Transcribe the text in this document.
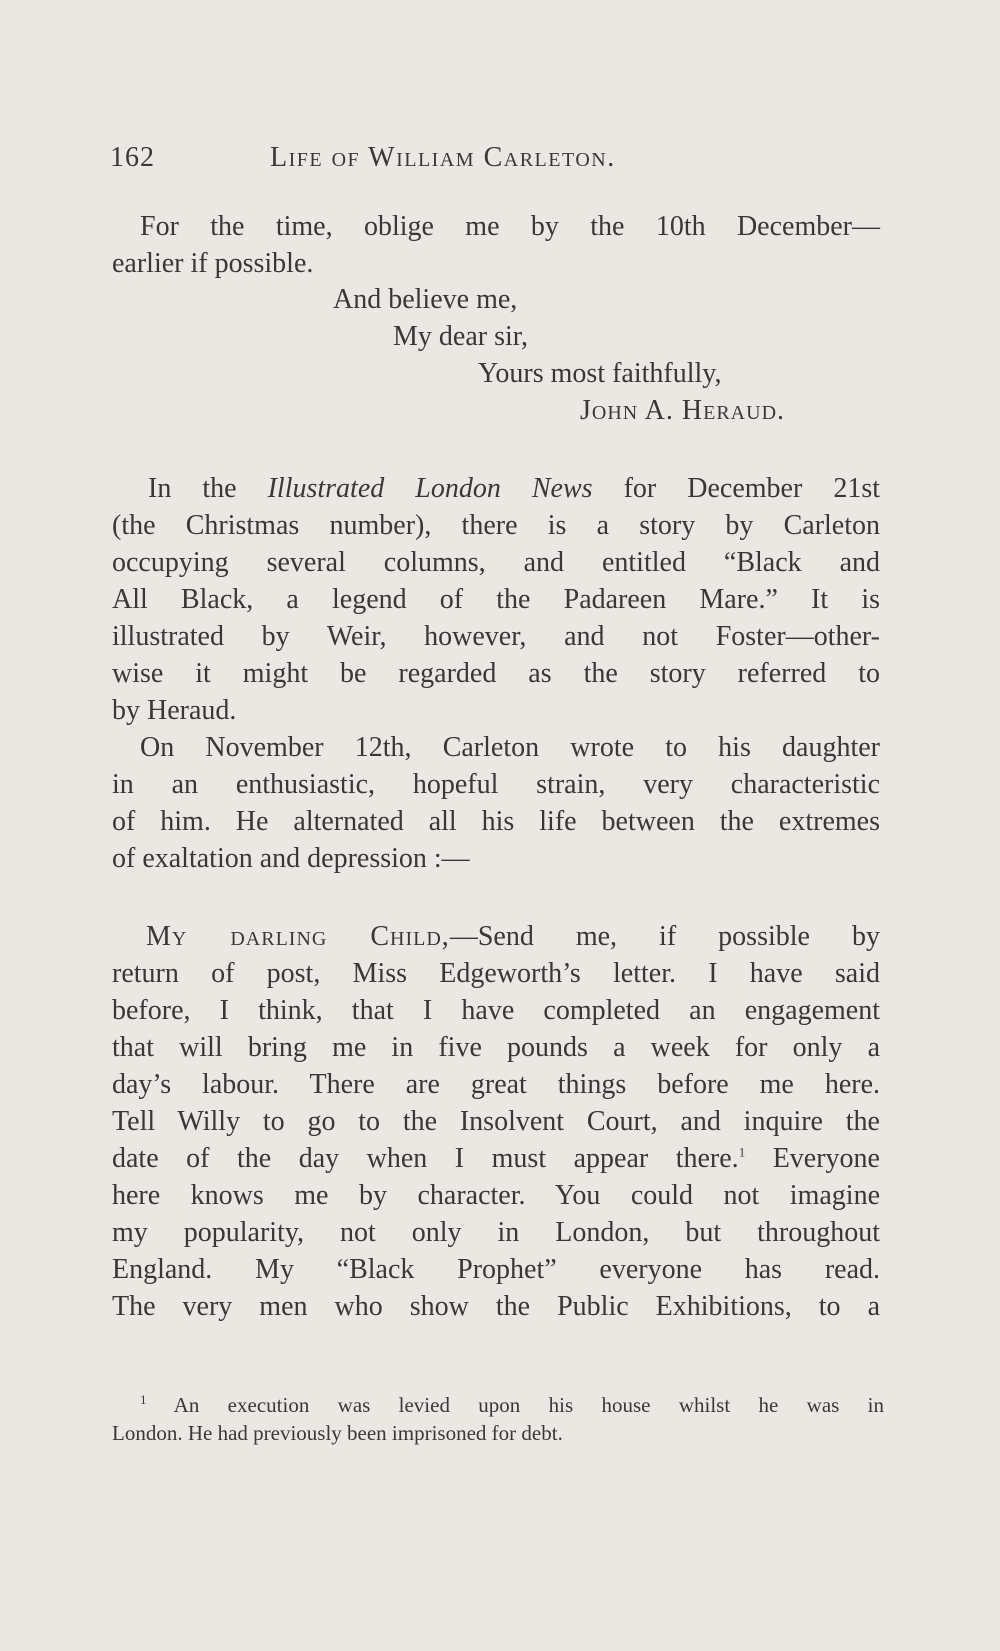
162	Life of William Carleton.
For the time, oblige me by the 10th December—
earlier if possible.
And believe me,
My dear sir,
Yours most faithfully,
John A. Heraud.
In the Illustrated London News for December 21st
(the Christmas number), there is a story by Carleton
occupying several columns, and entitled “Black and
All Black, a legend of the Padareen Mare.” It is
illustrated by Weir, however, and not Foster—other-
wise it might be regarded as the story referred to
by Heraud.
On November 12th, Carleton wrote to his daughter
in an enthusiastic, hopeful strain, very characteristic
of him. He alternated all his life between the extremes
of exaltation and depression :—
My darling Child,—Send me, if possible by
return of post, Miss Edgeworth’s letter. I have said
before, I think, that I have completed an engagement
that will bring me in five pounds a week for only a
day’s labour. There are great things before me here.
Tell Willy to go to the Insolvent Court, and inquire the
date of the day when I must appear there.$^1$ Everyone
here knows me by character. You could not imagine
my popularity, not only in London, but throughout
England. My “Black Prophet” everyone has read.
The very men who show the Public Exhibitions, to a
$^1$ An execution was levied upon his house whilst he was in
London. He had previously been imprisoned for debt.
